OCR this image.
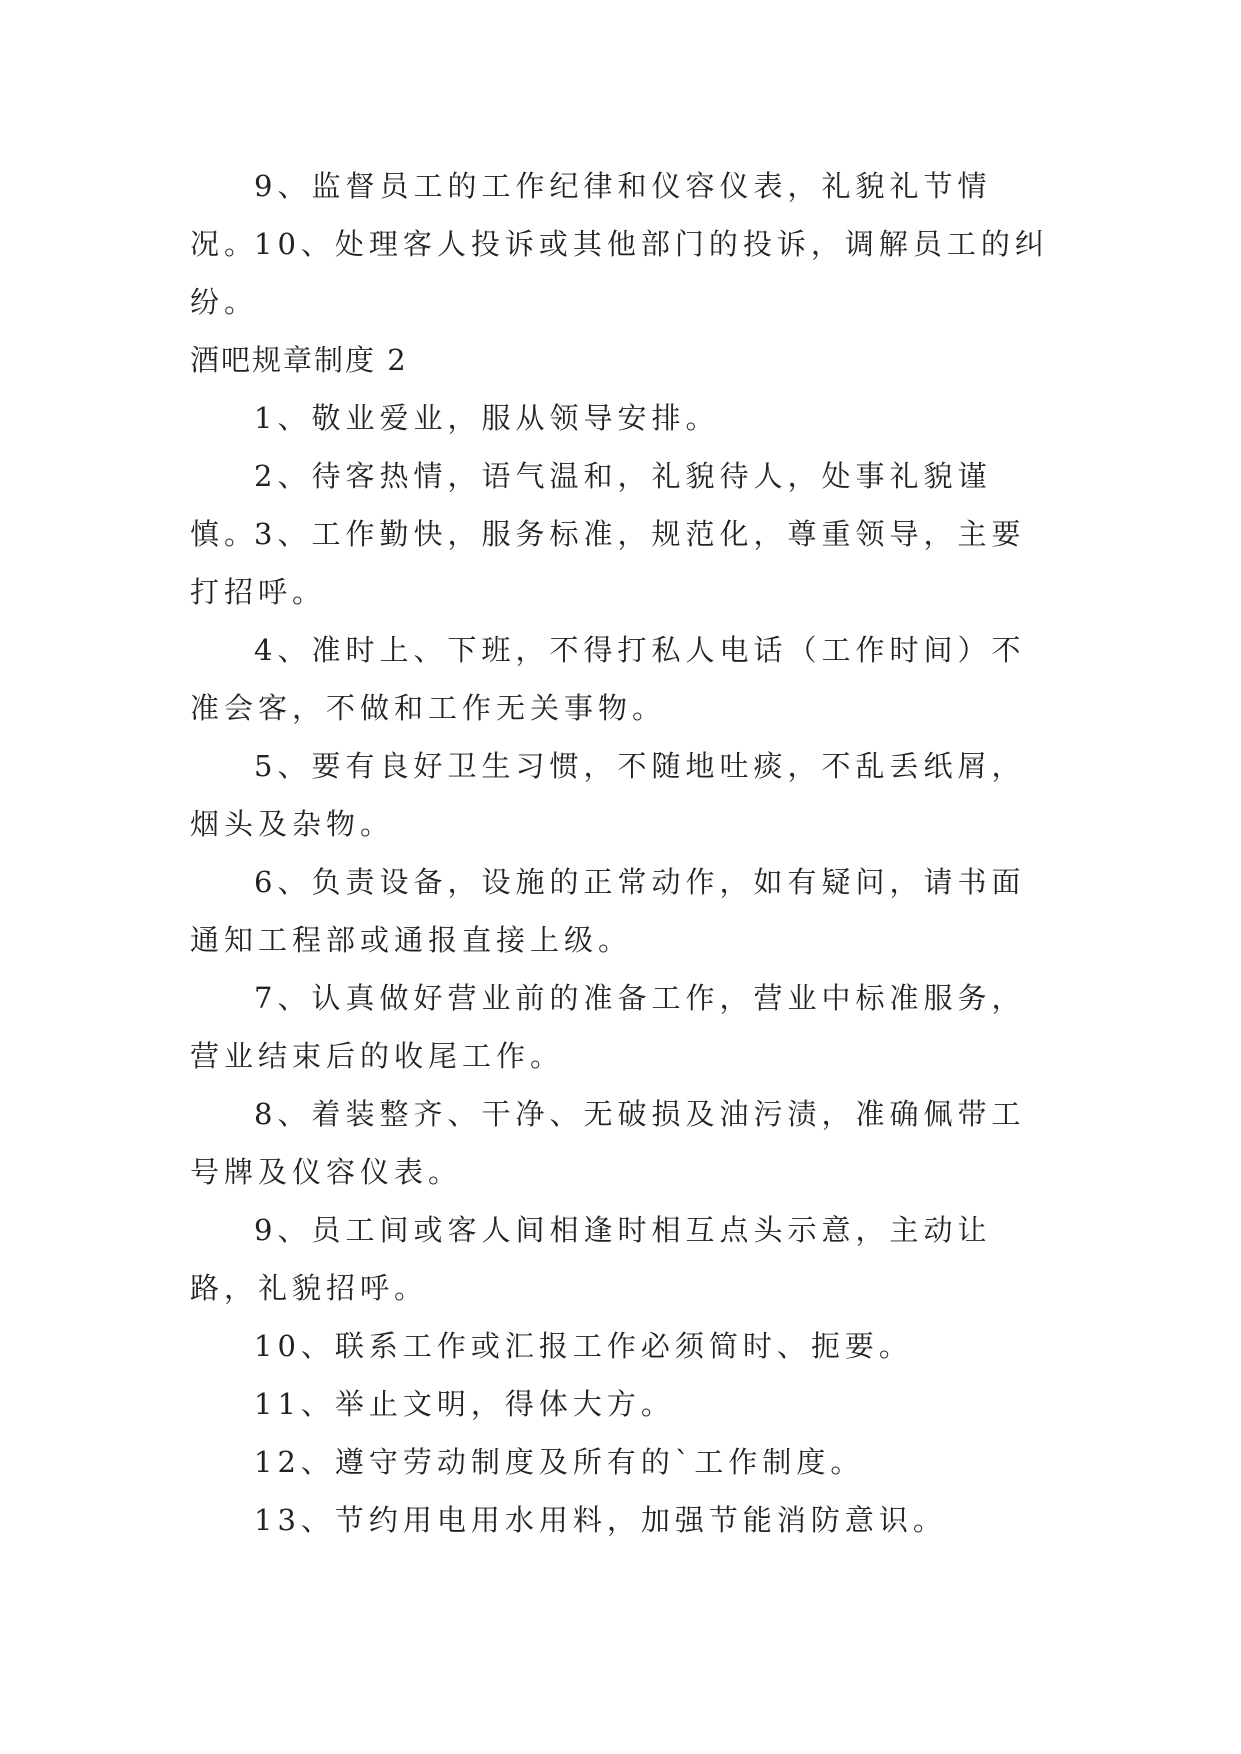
9、监督员工的工作纪律和仪容仪表，礼貌礼节情况。

10、处理客人投诉或其他部门的投诉，调解员工的纠纷。

酒吧规章制度 2

1、敬业爱业，服从领导安排。

2、待客热情，语气温和，礼貌待人，处事礼貌谨慎。

3、工作勤快，服务标准，规范化，尊重领导，主要打招呼。

4、准时上、下班，不得打私人电话（工作时间）不准会客，不做和工作无关事物。

5、要有良好卫生习惯，不随地吐痰，不乱丢纸屑，烟头及杂物。

6、负责设备，设施的正常动作，如有疑问，请书面通知工程部或通报直接上级。

7、认真做好营业前的准备工作，营业中标准服务，营业结束后的收尾工作。

8、着装整齐、干净、无破损及油污渍，准确佩带工号牌及仪容仪表。

9、员工间或客人间相逢时相互点头示意，主动让路，礼貌招呼。

10、联系工作或汇报工作必须简时、扼要。

11、举止文明，得体大方。

12、遵守劳动制度及所有的`工作制度。

13、节约用电用水用料，加强节能消防意识。
